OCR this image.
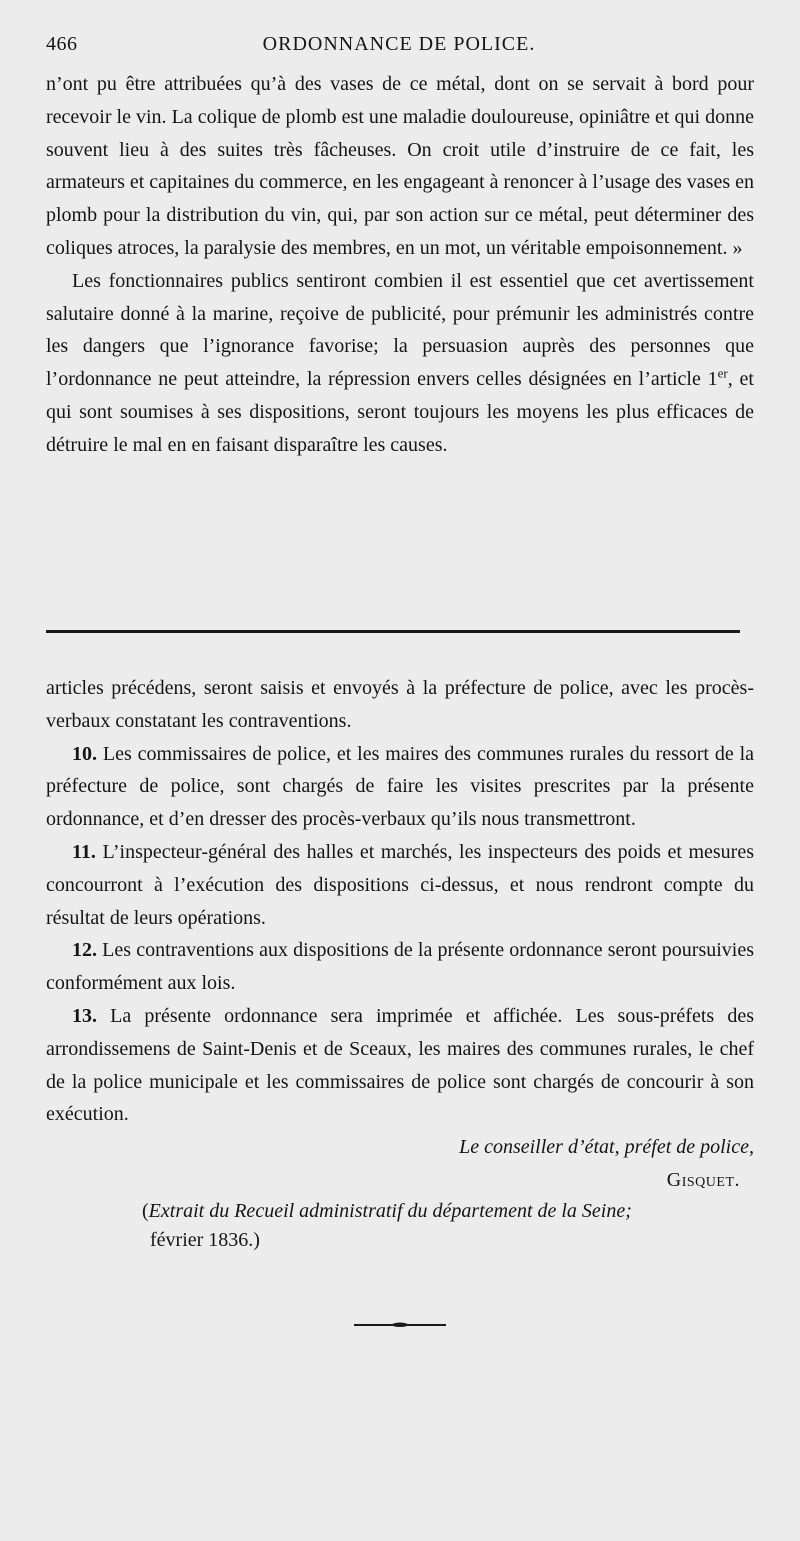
466	ORDONNANCE DE POLICE.

n’ont pu être attribuées qu’à des vases de ce métal, dont on se servait à bord pour recevoir le vin. La colique de plomb est une maladie douloureuse, opiniâtre et qui donne souvent lieu à des suites très fâcheuses. On croit utile d’instruire de ce fait, les armateurs et capitaines du commerce, en les engageant à renoncer à l’usage des vases en plomb pour la distribution du vin, qui, par son action sur ce métal, peut déterminer des coliques atroces, la paralysie des membres, en un mot, un véritable empoisonnement. »

Les fonctionnaires publics sentiront combien il est essentiel que cet avertissement salutaire donné à la marine, reçoive de publicité, pour prémunir les administrés contre les dangers que l’ignorance favorise; la persuasion auprès des personnes que l’ordonnance ne peut atteindre, la répression envers celles désignées en l’article 1er, et qui sont soumises à ses dispositions, seront toujours les moyens les plus efficaces de détruire le mal en en faisant disparaître les causes.

articles précédens, seront saisis et envoyés à la préfecture de police, avec les procès-verbaux constatant les contraventions.

10. Les commissaires de police, et les maires des communes rurales du ressort de la préfecture de police, sont chargés de faire les visites prescrites par la présente ordonnance, et d’en dresser des procès-verbaux qu’ils nous transmettront.

11. L’inspecteur-général des halles et marchés, les inspecteurs des poids et mesures concourront à l’exécution des dispositions ci-dessus, et nous rendront compte du résultat de leurs opérations.

12. Les contraventions aux dispositions de la présente ordonnance seront poursuivies conformément aux lois.

13. La présente ordonnance sera imprimée et affichée. Les sous-préfets des arrondissemens de Saint-Denis et de Sceaux, les maires des communes rurales, le chef de la police municipale et les commissaires de police sont chargés de concourir à son exécution.

Le conseiller d’état, préfet de police,

Gisquet.

(Extrait du Recueil administratif du département de la Seine;
février 1836.)
